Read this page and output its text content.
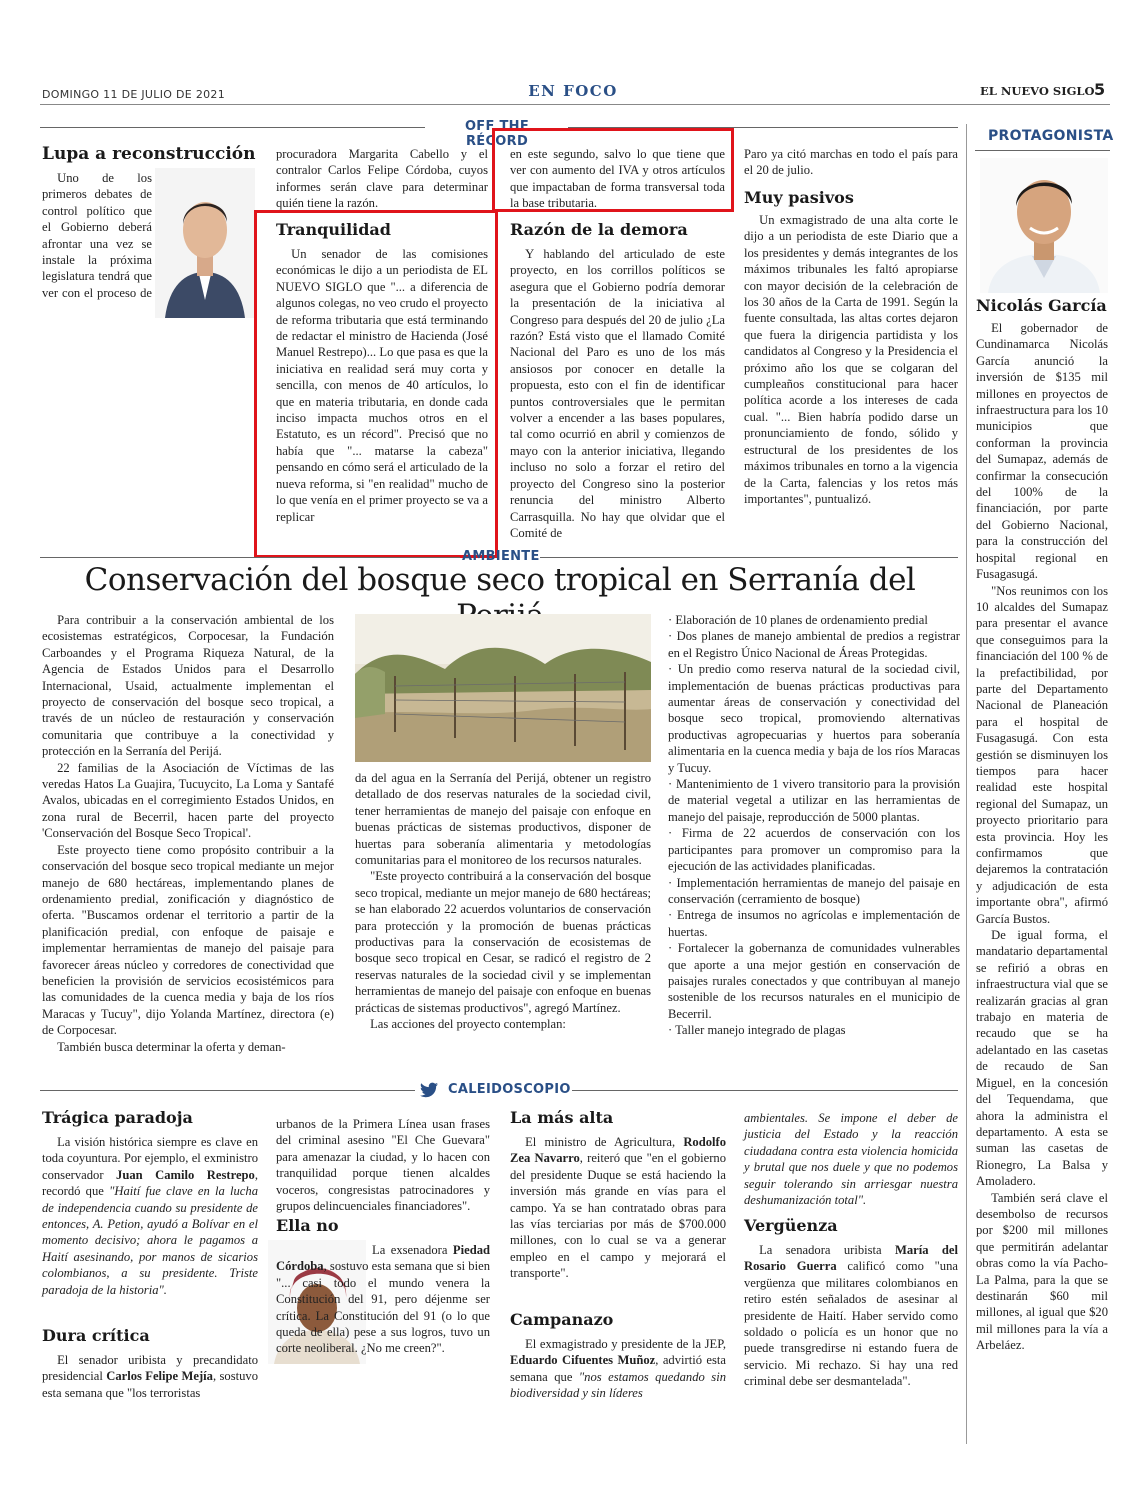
DOMINGO 11 DE JULIO DE 2021	EN FOCO	EL NUEVO SIGLO 5
OFF THE RÉCORD
Lupa a reconstrucción

Uno de los primeros debates de control político que el Gobierno deberá afrontar una vez se instale la próxima legislatura tendrá que ver con el proceso de

procuradora Margarita Cabello y el contralor Carlos Felipe Córdoba, cuyos informes serán clave para determinar quién tiene la razón.
Tranquilidad

Un senador de las comisiones económicas le dijo a un periodista de EL NUEVO SIGLO que "... a diferencia de algunos colegas, no veo crudo el proyecto de reforma tributaria que está terminando de redactar el ministro de Hacienda (José Manuel Restrepo)... Lo que pasa es que la iniciativa en realidad será muy corta y sencilla, con menos de 40 artículos, lo que en materia tributaria, en donde cada inciso impacta muchos otros en el Estatuto, es un récord". Precisó que no había que "... matarse la cabeza" pensando en cómo será el articulado de la nueva reforma, si "en realidad" mucho de lo que venía en el primer proyecto se va a replicar

en este segundo, salvo lo que tiene que ver con aumento del IVA y otros artículos que impactaban de forma transversal toda la base tributaria.
Razón de la demora

Y hablando del articulado de este proyecto, en los corrillos políticos se asegura que el Gobierno podría demorar la presentación de la iniciativa al Congreso para después del 20 de julio ¿La razón? Está visto que el llamado Comité Nacional del Paro es uno de los más ansiosos por conocer en detalle la propuesta, esto con el fin de identificar puntos controversiales que le permitan volver a encender a las bases populares, tal como ocurrió en abril y comienzos de mayo con la anterior iniciativa, llegando incluso no solo a forzar el retiro del proyecto del Congreso sino la posterior renuncia del ministro Alberto Carrasquilla. No hay que olvidar que el Comité de

Paro ya citó marchas en todo el país para el 20 de julio.
Muy pasivos

Un exmagistrado de una alta corte le dijo a un periodista de este Diario que a los presidentes y demás integrantes de los máximos tribunales les faltó apropiarse con mayor decisión de la celebración de los 30 años de la Carta de 1991. Según la fuente consultada, las altas cortes dejaron que fuera la dirigencia partidista y los candidatos al Congreso y la Presidencia el próximo año los que se colgaran del cumpleaños constitucional para hacer política acorde a los intereses de cada cual. "... Bien habría podido darse un pronunciamiento de fondo, sólido y estructural de los presidentes de los máximos tribunales en torno a la vigencia de la Carta, falencias y los retos más importantes", puntualizó.

PROTAGONISTA
Nicolás García

El gobernador de Cundinamarca Nicolás García anunció la inversión de $135 mil millones en proyectos de infraestructura para los 10 municipios que conforman la provincia del Sumapaz, además de confirmar la consecución del 100% de la financiación, por parte del Gobierno Nacional, para la construcción del hospital regional en Fusagasugá.

"Nos reunimos con los 10 alcaldes del Sumapaz para presentar el avance que conseguimos para la financiación del 100 % de la prefactibilidad, por parte del Departamento Nacional de Planeación para el hospital de Fusagasugá. Con esta gestión se disminuyen los tiempos para hacer realidad este hospital regional del Sumapaz, un proyecto prioritario para esta provincia. Hoy les confirmamos que dejaremos la contratación y adjudicación de esta importante obra", afirmó García Bustos.

De igual forma, el mandatario departamental se refirió a obras en infraestructura vial que se realizarán gracias al gran trabajo en materia de recaudo que se ha adelantado en las casetas de recaudo de San Miguel, en la concesión del Tequendama, que ahora la administra el departamento. A esta se suman las casetas de Rionegro, La Balsa y Amoladero.

También será clave el desembolso de recursos por $200 mil millones que permitirán adelantar obras como la vía Pacho-La Palma, para la que se destinarán $60 mil millones, al igual que $20 mil millones para la vía a Arbeláez.

AMBIENTE
Conservación del bosque seco tropical en Serranía del

Para contribuir a la conservación ambiental de los ecosistemas estratégicos, Corpocesar, la Fundación Carboandes y el Programa Riqueza Natural, de la Agencia de Estados Unidos para el Desarrollo Internacional, Usaid, actualmente implementan el proyecto de conservación del bosque seco tropical, a través de un núcleo de restauración y conservación comunitaria que contribuye a la conectividad y protección en la Serranía del Perijá.

22 familias de la Asociación de Víctimas de las veredas Hatos La Guajira, Tucuycito, La Loma y Santafé Avalos, ubicadas en el corregimiento Estados Unidos, en zona rural de Becerril, hacen parte del proyecto 'Conservación del Bosque Seco Tropical'.

Este proyecto tiene como propósito contribuir a la conservación del bosque seco tropical mediante un mejor manejo de 680 hectáreas, implementando planes de ordenamiento predial, zonificación y diagnóstico de oferta. "Buscamos ordenar el territorio a partir de la planificación predial, con enfoque de paisaje e implementar herramientas de manejo del paisaje para favorecer áreas núcleo y corredores de conectividad que beneficien la provisión de servicios ecosistémicos para las comunidades de la cuenca media y baja de los ríos Maracas y Tucuy", dijo Yolanda Martínez, directora (e) de Corpocesar.

También busca determinar la oferta y deman-

da del agua en la Serranía del Perijá, obtener un registro detallado de dos reservas naturales de la sociedad civil, tener herramientas de manejo del paisaje con enfoque en buenas prácticas de sistemas productivos, disponer de huertas para soberanía alimentaria y metodologías comunitarias para el monitoreo de los recursos naturales.

"Este proyecto contribuirá a la conservación del bosque seco tropical, mediante un mejor manejo de 680 hectáreas; se han elaborado 22 acuerdos voluntarios de conservación para protección y la promoción de buenas prácticas productivas para la conservación de ecosistemas de bosque seco tropical en Cesar, se radicó el registro de 2 reservas naturales de la sociedad civil y se implementan herramientas de manejo del paisaje con enfoque en buenas prácticas de sistemas productivos", agregó Martínez.

Las acciones del proyecto contemplan:

· Elaboración de 10 planes de ordenamiento predial

· Dos planes de manejo ambiental de predios a registrar en el Registro Único Nacional de Áreas Protegidas.

· Un predio como reserva natural de la sociedad civil, implementación de buenas prácticas productivas para aumentar áreas de conservación y conectividad del bosque seco tropical, promoviendo alternativas productivas agropecuarias y huertos para soberanía alimentaria en la cuenca media y baja de los ríos Maracas y Tucuy.

· Mantenimiento de 1 vivero transitorio para la provisión de material vegetal a utilizar en las herramientas de manejo del paisaje, reproducción de 5000 plantas.

· Firma de 22 acuerdos de conservación con los participantes para promover un compromiso para la ejecución de las actividades planificadas.

· Implementación herramientas de manejo del paisaje en conservación (cerramiento de bosque)

· Entrega de insumos no agrícolas e implementación de huertas.

· Fortalecer la gobernanza de comunidades vulnerables que aporte a una mejor gestión en conservación de paisajes rurales conectados y que contribuyan al manejo sostenible de los recursos naturales en el municipio de Becerril.

· Taller manejo integrado de plagas

CALEIDOSCOPIO
Trágica paradoja

La visión histórica siempre es clave en toda coyuntura. Por ejemplo, el exministro conservador Juan Camilo Restrepo, recordó que "Haití fue clave en la lucha de independencia cuando su presidente de entonces, A. Petion, ayudó a Bolívar en el momento decisivo; ahora le pagamos a Haití asesinando, por manos de sicarios colombianos, a su presidente. Triste paradoja de la historia".

Dura crítica

El senador uribista y precandidato presidencial Carlos Felipe Mejía, sostuvo esta semana que "los terroristas

urbanos de la Primera Línea usan frases del criminal asesino "El Che Guevara" para amenazar la ciudad, y lo hacen con tranquilidad porque tienen alcaldes voceros, congresistas patrocinadores y grupos delincuenciales financiadores".
Ella no

La exsenadora Piedad Córdoba, sostuvo esta semana que si bien "... casi todo el mundo venera la Constitución del 91, pero déjenme ser crítica. La Constitución del 91 (o lo que queda de ella) pese a sus logros, tuvo un corte neoliberal. ¿No me creen?".

La más alta

El ministro de Agricultura, Rodolfo Zea Navarro, reiteró que "en el gobierno del presidente Duque se está haciendo la inversión más grande en vías para el campo. Ya se han contratado obras para las vías terciarias por más de $700.000 millones, con lo cual se va a generar empleo en el campo y mejorará el transporte".

Campanazo

El exmagistrado y presidente de la JEP, Eduardo Cifuentes Muñoz, advirtió esta semana que "nos estamos quedando sin biodiversidad y sin líderes

ambientales. Se impone el deber de justicia del Estado y la reacción ciudadana contra esta violencia homicida y brutal que nos duele y que no podemos seguir tolerando sin arriesgar nuestra deshumanización total".
Vergüenza

La senadora uribista María del Rosario Guerra calificó como "una vergüenza que militares colombianos en retiro estén señalados de asesinar al presidente de Haití. Haber servido como soldado o policía es un honor que no puede transgredirse ni estando fuera de servicio. Mi rechazo. Si hay una red criminal debe ser desmantelada".
